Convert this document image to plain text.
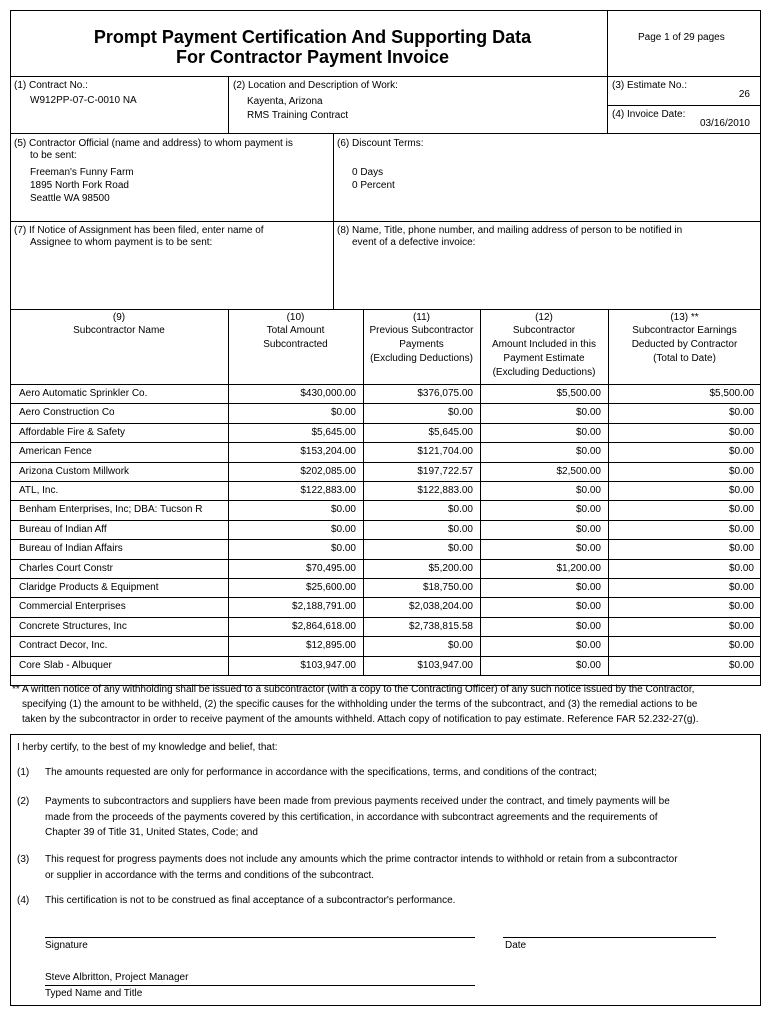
Prompt Payment Certification And Supporting Data
For Contractor Payment Invoice
Page 1 of 29 pages
(1) Contract No.:
W912PP-07-C-0010 NA
(2) Location and Description of Work:
Kayenta, Arizona
RMS Training Contract
(3) Estimate No.:
26
(4) Invoice Date:
03/16/2010
(5) Contractor Official (name and address) to whom payment is
to be sent:
Freeman's Funny Farm
1895 North Fork Road
Seattle WA 98500
(6) Discount Terms:
0 Days
0 Percent
(7) If Notice of Assignment has been filed, enter name of
Assignee to whom payment is to be sent:
(8) Name, Title, phone number, and mailing address of person to be notified in
event of a defective invoice:
(9)
Subcontractor Name
(10)
Total Amount
Subcontracted
(11)
Previous Subcontractor
Payments
(Excluding Deductions)
(12)
Subcontractor
Amount Included in this
Payment Estimate
(Excluding Deductions)
(13) **
Subcontractor Earnings
Deducted by Contractor
(Total to Date)
Aero Automatic Sprinkler Co.	$430,000.00	$376,075.00	$5,500.00	$5,500.00
Aero Construction Co	$0.00	$0.00	$0.00	$0.00
Affordable Fire & Safety	$5,645.00	$5,645.00	$0.00	$0.00
American Fence	$153,204.00	$121,704.00	$0.00	$0.00
Arizona Custom Millwork	$202,085.00	$197,722.57	$2,500.00	$0.00
ATL, Inc.	$122,883.00	$122,883.00	$0.00	$0.00
Benham Enterprises, Inc; DBA: Tucson R	$0.00	$0.00	$0.00	$0.00
Bureau of Indian Aff	$0.00	$0.00	$0.00	$0.00
Bureau of Indian Affairs	$0.00	$0.00	$0.00	$0.00
Charles Court Constr	$70,495.00	$5,200.00	$1,200.00	$0.00
Claridge Products & Equipment	$25,600.00	$18,750.00	$0.00	$0.00
Commercial Enterprises	$2,188,791.00	$2,038,204.00	$0.00	$0.00
Concrete Structures, Inc	$2,864,618.00	$2,738,815.58	$0.00	$0.00
Contract Decor, Inc.	$12,895.00	$0.00	$0.00	$0.00
Core Slab - Albuquer	$103,947.00	$103,947.00	$0.00	$0.00
** A written notice of any withholding shall be issued to a subcontractor (with a copy to the Contracting Officer) of any such notice issued by the Contractor,
specifying (1) the amount to be withheld, (2) the specific causes for the withholding under the terms of the subcontract, and (3) the remedial actions to be
taken by the subcontractor in order to receive payment of the amounts withheld. Attach copy of notification to pay estimate. Reference FAR 52.232-27(g).
I herby certify, to the best of my knowledge and belief, that:
(1) The amounts requested are only for performance in accordance with the specifications, terms, and conditions of the contract;
(2) Payments to subcontractors and suppliers have been made from previous payments received under the contract, and timely payments will be
made from the proceeds of the payments covered by this certification, in accordance with subcontract agreements and the requirements of
Chapter 39 of Title 31, United States, Code; and
(3) This request for progress payments does not include any amounts which the prime contractor intends to withhold or retain from a subcontractor
or supplier in accordance with the terms and conditions of the subcontract.
(4) This certification is not to be construed as final acceptance of a subcontractor's performance.
Signature	Date
Steve Albritton, Project Manager
Typed Name and Title
